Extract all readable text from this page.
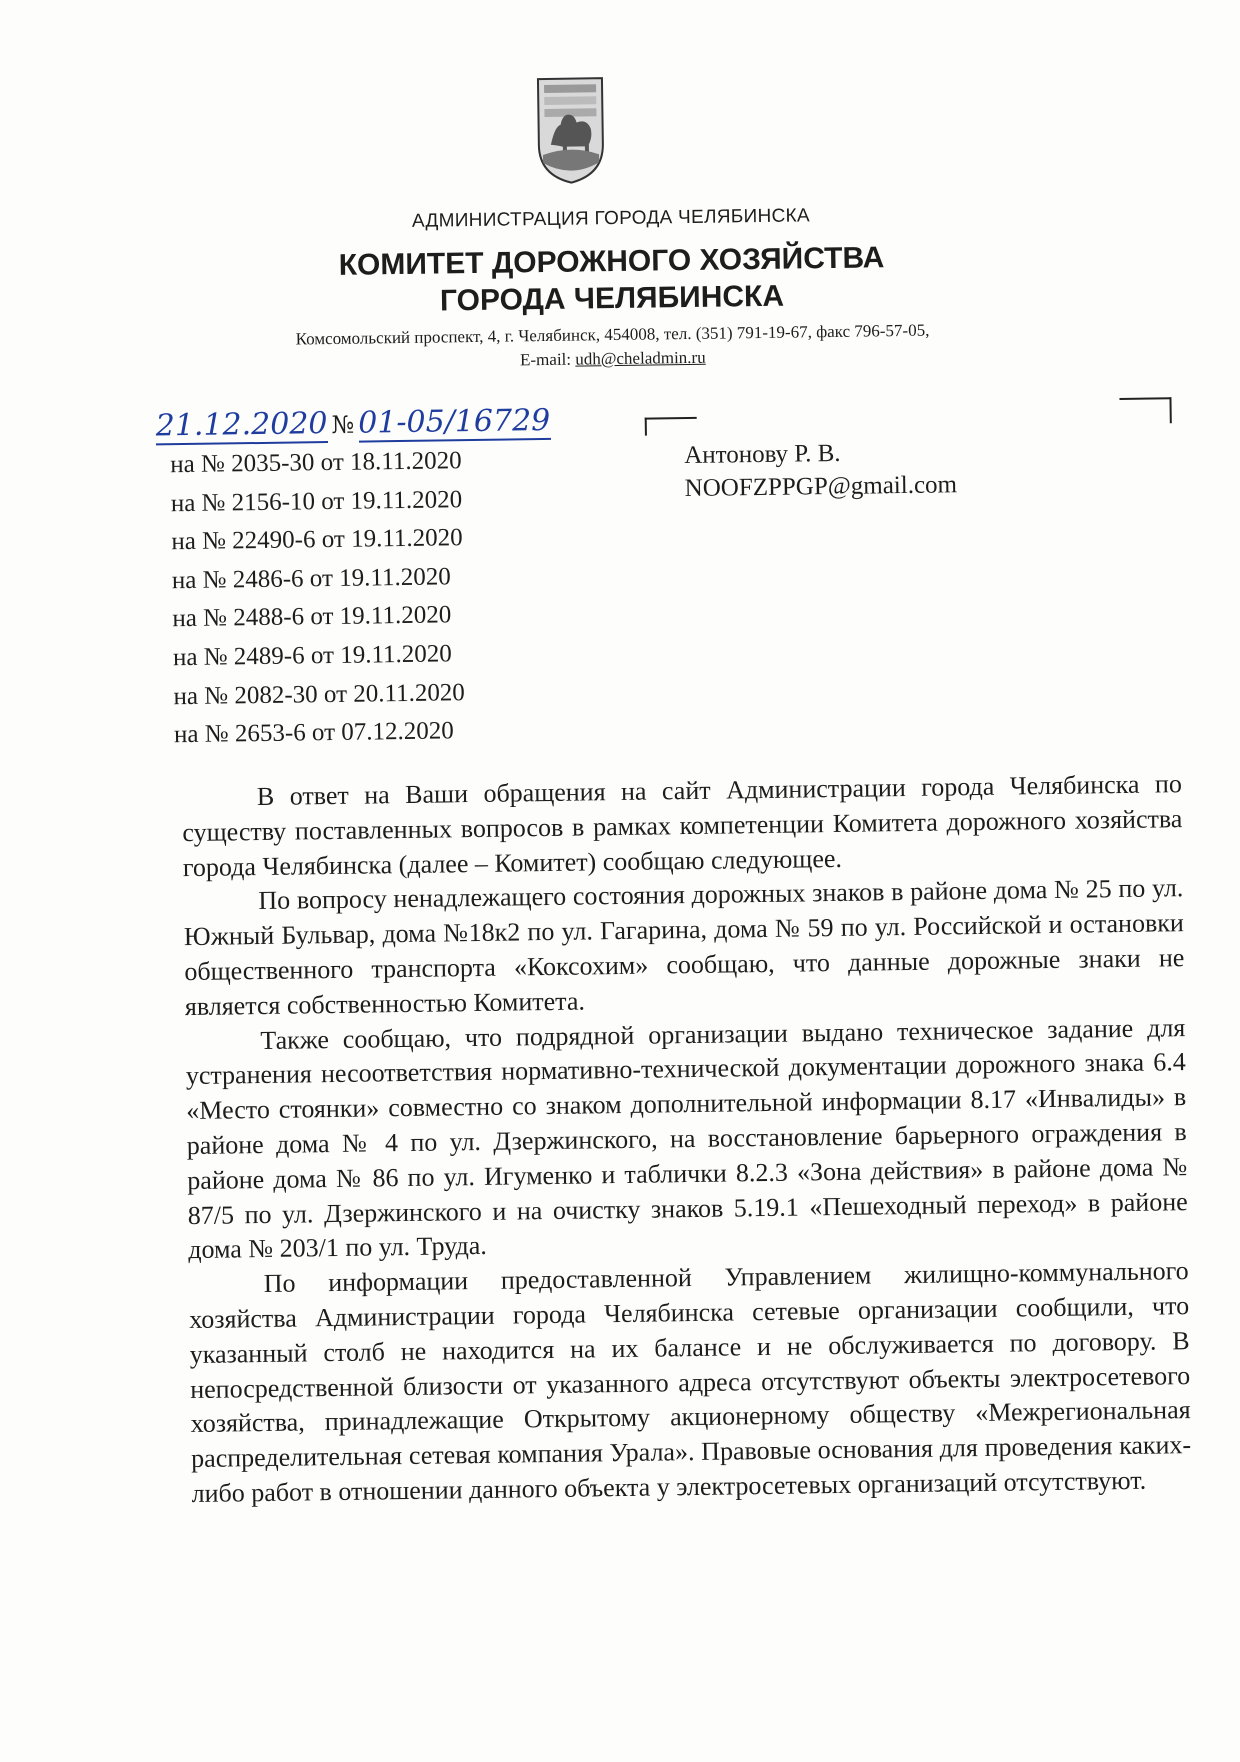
АДМИНИСТРАЦИЯ ГОРОДА ЧЕЛЯБИНСКА
КОМИТЕТ ДОРОЖНОГО ХОЗЯЙСТВА
ГОРОДА ЧЕЛЯБИНСКА
Комсомольский проспект, 4, г. Челябинск, 454008, тел. (351) 791-19-67, факс 796-57-05,
E-mail: udh@cheladmin.ru
21.12.2020 № 01-05/16729
на № 2035-30 от 18.11.2020
на № 2156-10 от 19.11.2020
на № 22490-6 от 19.11.2020
на № 2486-6 от 19.11.2020
на № 2488-6 от 19.11.2020
на № 2489-6 от 19.11.2020
на № 2082-30 от 20.11.2020
на № 2653-6 от 07.12.2020
Антонову Р. В.
NOOFZPPGP@gmail.com

В ответ на Ваши обращения на сайт Администрации города Челябинска по существу поставленных вопросов в рамках компетенции Комитета дорожного хозяйства города Челябинска (далее – Комитет) сообщаю следующее.

По вопросу ненадлежащего состояния дорожных знаков в районе дома № 25 по ул. Южный Бульвар, дома №18к2 по ул. Гагарина, дома № 59 по ул. Российской и остановки общественного транспорта «Коксохим» сообщаю, что данные дорожные знаки не является собственностью Комитета.

Также сообщаю, что подрядной организации выдано техническое задание для устранения несоответствия нормативно-технической документации дорожного знака 6.4 «Место стоянки» совместно со знаком дополнительной информации 8.17 «Инвалиды» в районе дома № 4 по ул. Дзержинского, на восстановление барьерного ограждения в районе дома № 86 по ул. Игуменко и таблички 8.2.3 «Зона действия» в районе дома № 87/5 по ул. Дзержинского и на очистку знаков 5.19.1 «Пешеходный переход» в районе дома № 203/1 по ул. Труда.

По информации предоставленной Управлением жилищно-коммунального хозяйства Администрации города Челябинска сетевые организации сообщили, что указанный столб не находится на их балансе и не обслуживается по договору. В непосредственной близости от указанного адреса отсутствуют объекты электросетевого хозяйства, принадлежащие Открытому акционерному обществу «Межрегиональная распределительная сетевая компания Урала». Правовые основания для проведения каких-либо работ в отношении данного объекта у электросетевых организаций отсутствуют.
